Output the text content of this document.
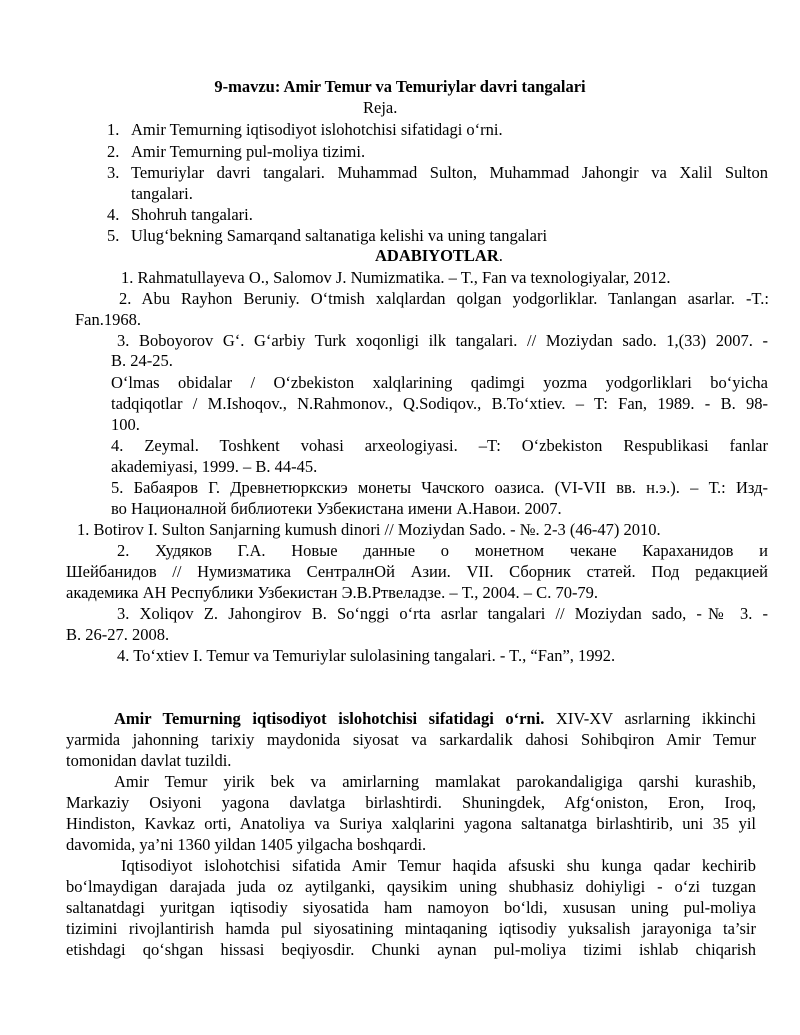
9-mavzu: Amir Temur va Temuriylar davri tangalari
Reja.
1. Amir Temurning iqtisodiyot islohotchisi sifatidagi o‘rni.
2. Amir Temurning pul-moliya tizimi.
3. Temuriylar davri tangalari. Muhammad Sulton, Muhammad Jahongir va Xalil Sulton
tangalari.
4. Shohruh tangalari.
5. Ulug‘bekning Samarqand saltanatiga kelishi va uning tangalari
ADABIYOTLAR.
1. Rahmatullayeva O., Salomov J. Numizmatika. – T., Fan va texnologiyalar, 2012.
2. Abu Rayhon Beruniy. O‘tmish xalqlardan qolgan yodgorliklar. Tanlangan asarlar. -T.:
Fan.1968.
3. Boboyorov G‘. G‘arbiy Turk xoqonligi ilk tangalari. // Moziydan sado. 1,(33) 2007. -
B. 24-25.
O‘lmas obidalar / O‘zbekiston xalqlarining qadimgi yozma yodgorliklari bo‘yicha
tadqiqotlar / M.Ishoqov., N.Rahmonov., Q.Sodiqov., B.To‘xtiev. – T: Fan, 1989. - B. 98-
100.
4. Zeymal. Toshkent vohasi arxeologiyasi. –T: O‘zbekiston Respublikasi fanlar
akademiyasi, 1999. – B. 44-45.
5. Бабаяров Г. Древнетюркскиэ монеты Чачского оазиса. (VI-VII вв. н.э.). – Т.: Изд-
во Национaлной библиотеки Узбекистана имени А.Навои. 2007.
1. Botirov I. Sulton Sanjarning kumush dinori // Moziydan Sado. - №. 2-3 (46-47) 2010.
2. Худяков Г.А. Новые данные о монетном чекане Караханидов и
Шейбанидов // Нумизматика СентралнОй Азии. VII. Сборник статей. Под редакцией
академика АН Республики Узбекистан Э.В.Ртвеладзе. – Т., 2004. – С. 70-79.
3. Xoliqov Z. Jahongirov B. So‘nggi o‘rta asrlar tangalari // Moziydan sado, -№ 3. -
B. 26-27. 2008.
4. To‘xtiev I. Temur va Temuriylar sulolasining tangalari. - T., “Fan”, 1992.
Amir Temurning iqtisodiyot islohotchisi sifatidagi o‘rni. XIV-XV asrlarning ikkinchi
yarmida jahonning tarixiy maydonida siyosat va sarkardalik dahosi Sohibqiron Amir Temur
tomonidan davlat tuzildi.
Amir Temur yirik bek va amirlarning mamlakat parokandaligiga qarshi kurashib,
Markaziy Osiyoni yagona davlatga birlashtirdi. Shuningdek, Afg‘oniston, Eron, Iroq,
Hindiston, Kavkaz orti, Anatoliya va Suriya xalqlarini yagona saltanatga birlashtirib, uni 35 yil
davomida, ya’ni 1360 yildan 1405 yilgacha boshqardi.
Iqtisodiyot islohotchisi sifatida Amir Temur haqida afsuski shu kunga qadar kechirib
bo‘lmaydigan darajada juda oz aytilganki, qaysikim uning shubhasiz dohiyligi - o‘zi tuzgan
saltanatdagi yuritgan iqtisodiy siyosatida ham namoyon bo‘ldi, xususan uning pul-moliya
tizimini rivojlantirish hamda pul siyosatining mintaqaning iqtisodiy yuksalish jarayoniga ta’sir
etishdagi qo‘shgan hissasi beqiyosdir. Chunki aynan pul-moliya tizimi ishlab chiqarish
